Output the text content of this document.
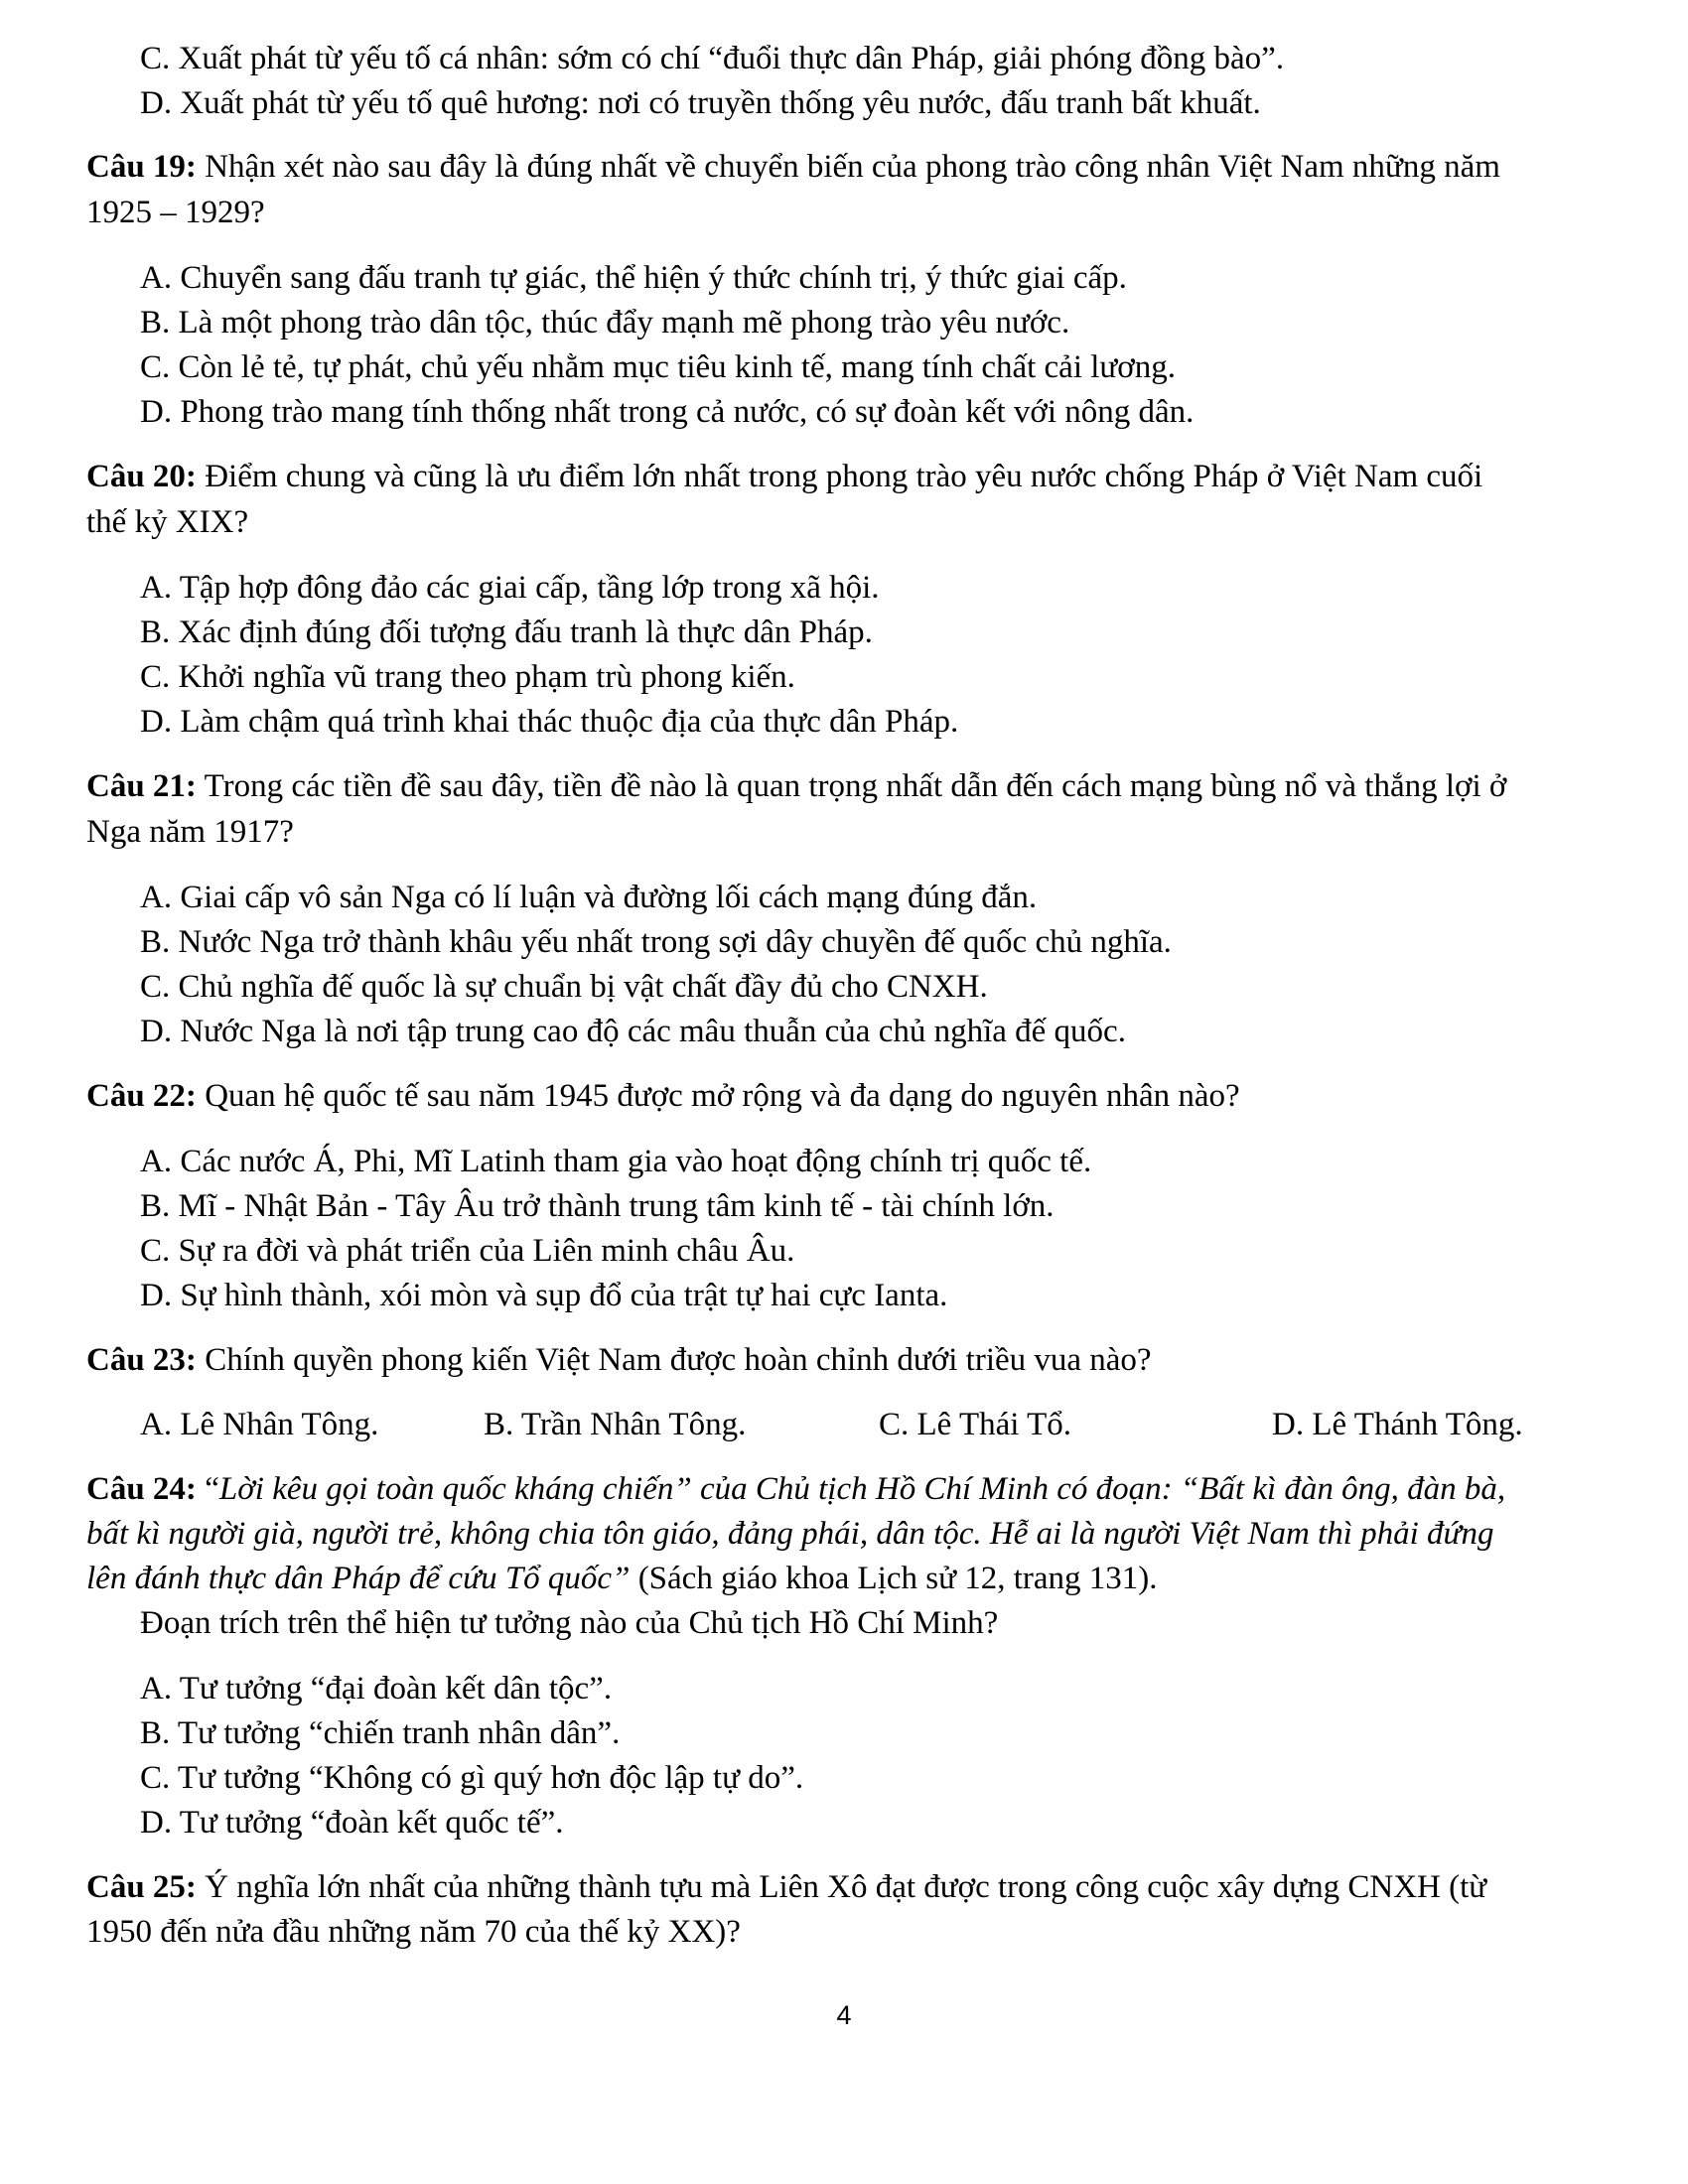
C. Xuất phát từ yếu tố cá nhân: sớm có chí “đuổi thực dân Pháp, giải phóng đồng bào”.
D. Xuất phát từ yếu tố quê hương: nơi có truyền thống yêu nước, đấu tranh bất khuất.
Câu 19: Nhận xét nào sau đây là đúng nhất về chuyển biến của phong trào công nhân Việt Nam những năm
1925 – 1929?
A. Chuyển sang đấu tranh tự giác, thể hiện ý thức chính trị, ý thức giai cấp.
B. Là một phong trào dân tộc, thúc đẩy mạnh mẽ phong trào yêu nước.
C. Còn lẻ tẻ, tự phát, chủ yếu nhằm mục tiêu kinh tế, mang tính chất cải lương.
D. Phong trào mang tính thống nhất trong cả nước, có sự đoàn kết với nông dân.
Câu 20: Điểm chung và cũng là ưu điểm lớn nhất trong phong trào yêu nước chống Pháp ở Việt Nam cuối
thế kỷ XIX?
A. Tập hợp đông đảo các giai cấp, tầng lớp trong xã hội.
B. Xác định đúng đối tượng đấu tranh là thực dân Pháp.
C. Khởi nghĩa vũ trang theo phạm trù phong kiến.
D. Làm chậm quá trình khai thác thuộc địa của thực dân Pháp.
Câu 21: Trong các tiền đề sau đây, tiền đề nào là quan trọng nhất dẫn đến cách mạng bùng nổ và thắng lợi ở
Nga năm 1917?
A. Giai cấp vô sản Nga có lí luận và đường lối cách mạng đúng đắn.
B. Nước Nga trở thành khâu yếu nhất trong sợi dây chuyền đế quốc chủ nghĩa.
C. Chủ nghĩa đế quốc là sự chuẩn bị vật chất đầy đủ cho CNXH.
D. Nước Nga là nơi tập trung cao độ các mâu thuẫn của chủ nghĩa đế quốc.
Câu 22: Quan hệ quốc tế sau năm 1945 được mở rộng và đa dạng do nguyên nhân nào?
A. Các nước Á, Phi, Mĩ Latinh tham gia vào hoạt động chính trị quốc tế.
B. Mĩ - Nhật Bản - Tây Âu trở thành trung tâm kinh tế - tài chính lớn.
C. Sự ra đời và phát triển của Liên minh châu Âu.
D. Sự hình thành, xói mòn và sụp đổ của trật tự hai cực Ianta.
Câu 23: Chính quyền phong kiến Việt Nam được hoàn chỉnh dưới triều vua nào?
A. Lê Nhân Tông.	B. Trần Nhân Tông.	C. Lê Thái Tổ.	D. Lê Thánh Tông.
Câu 24: “Lời kêu gọi toàn quốc kháng chiến” của Chủ tịch Hồ Chí Minh có đoạn: “Bất kì đàn ông, đàn bà,
bất kì người già, người trẻ, không chia tôn giáo, đảng phái, dân tộc. Hễ ai là người Việt Nam thì phải đứng
lên đánh thực dân Pháp để cứu Tổ quốc” (Sách giáo khoa Lịch sử 12, trang 131).
Đoạn trích trên thể hiện tư tưởng nào của Chủ tịch Hồ Chí Minh?
A. Tư tưởng “đại đoàn kết dân tộc”.
B. Tư tưởng “chiến tranh nhân dân”.
C. Tư tưởng “Không có gì quý hơn độc lập tự do”.
D. Tư tưởng “đoàn kết quốc tế”.
Câu 25: Ý nghĩa lớn nhất của những thành tựu mà Liên Xô đạt được trong công cuộc xây dựng CNXH (từ
1950 đến nửa đầu những năm 70 của thế kỷ XX)?
4
